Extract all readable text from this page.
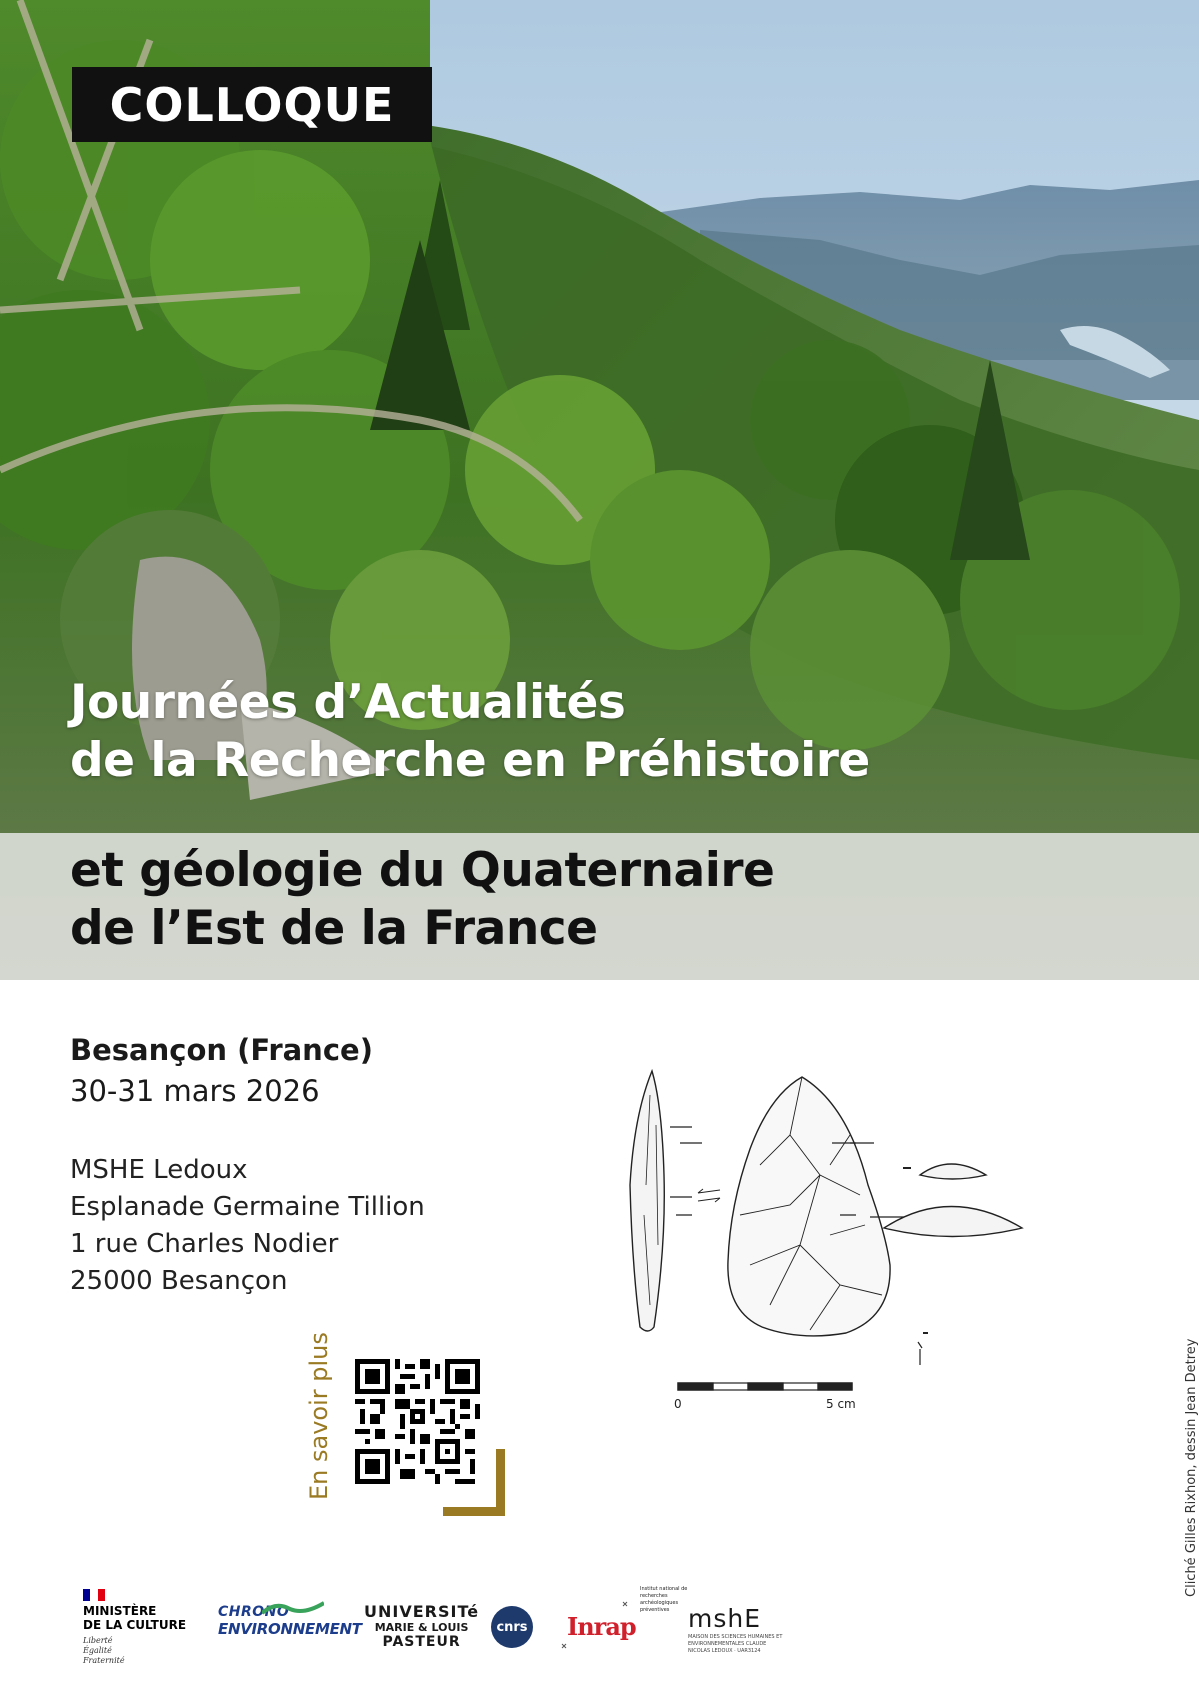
COLLOQUE
Journées d’Actualités
de la Recherche en Préhistoire
et géologie du Quaternaire
de l’Est de la France
Besançon (France)
30-31 mars 2026
MSHE Ledoux
Esplanade Germaine Tillion
1 rue Charles Nodier
25000 Besançon
En savoir plus	0	5 cm	Cliché Gilles Rixhon, dessin Jean Detrey
MINISTÈRE
DE LA CULTURE
Liberté
Égalité
Fraternité
CHRONO
ENVIRONNEMENT
UNIVERSITé
MARIE & LOUIS
PASTEUR
cnrs Inrap
Institut national de recherches archéologiques préventives mshE
MAISON DES SCIENCES HUMAINES ET ENVIRONNEMENTALES CLAUDE NICOLAS LEDOUX · UAR3124
